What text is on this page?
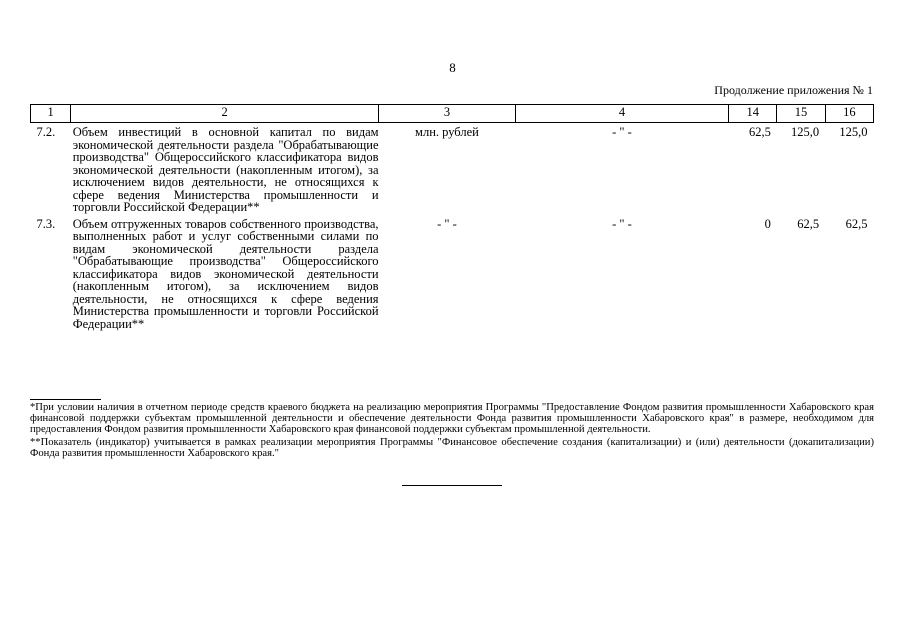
8
Продолжение приложения № 1
1	2	3	4	14	15	16
7.2.	Объем инвестиций в основной капитал по видам экономической деятельности раздела "Обрабатывающие производства" Общероссийского классификатора видов экономической деятельности (накопленным итогом), за исключением видов деятельности, не относящихся к сфере ведения Министерства промышленности и торговли Российской Федерации**	млн. рублей	- " -	62,5	125,0	125,0
7.3.	Объем отгруженных товаров собственного производства, выполненных работ и услуг собственными силами по видам экономической деятельности раздела "Обрабатывающие производства" Общероссийского классификатора видов экономической деятельности (накопленным итогом), за исключением видов деятельности, не относящихся к сфере ведения Министерства промышленности и торговли Российской Федерации**	- " -	- " -	0	62,5	62,5

*При условии наличия в отчетном периоде средств краевого бюджета на реализацию мероприятия Программы "Предоставление Фондом развития промышленности Хабаровского края финансовой поддержки субъектам промышленной деятельности и обеспечение деятельности Фонда развития промышленности Хабаровского края" в размере, необходимом для предоставления Фондом развития промышленности Хабаровского края финансовой поддержки субъектам промышленной деятельности.

**Показатель (индикатор) учитывается в рамках реализации мероприятия Программы "Финансовое обеспечение создания (капитализации) и (или) деятельности (докапитализации) Фонда развития промышленности Хабаровского края."
